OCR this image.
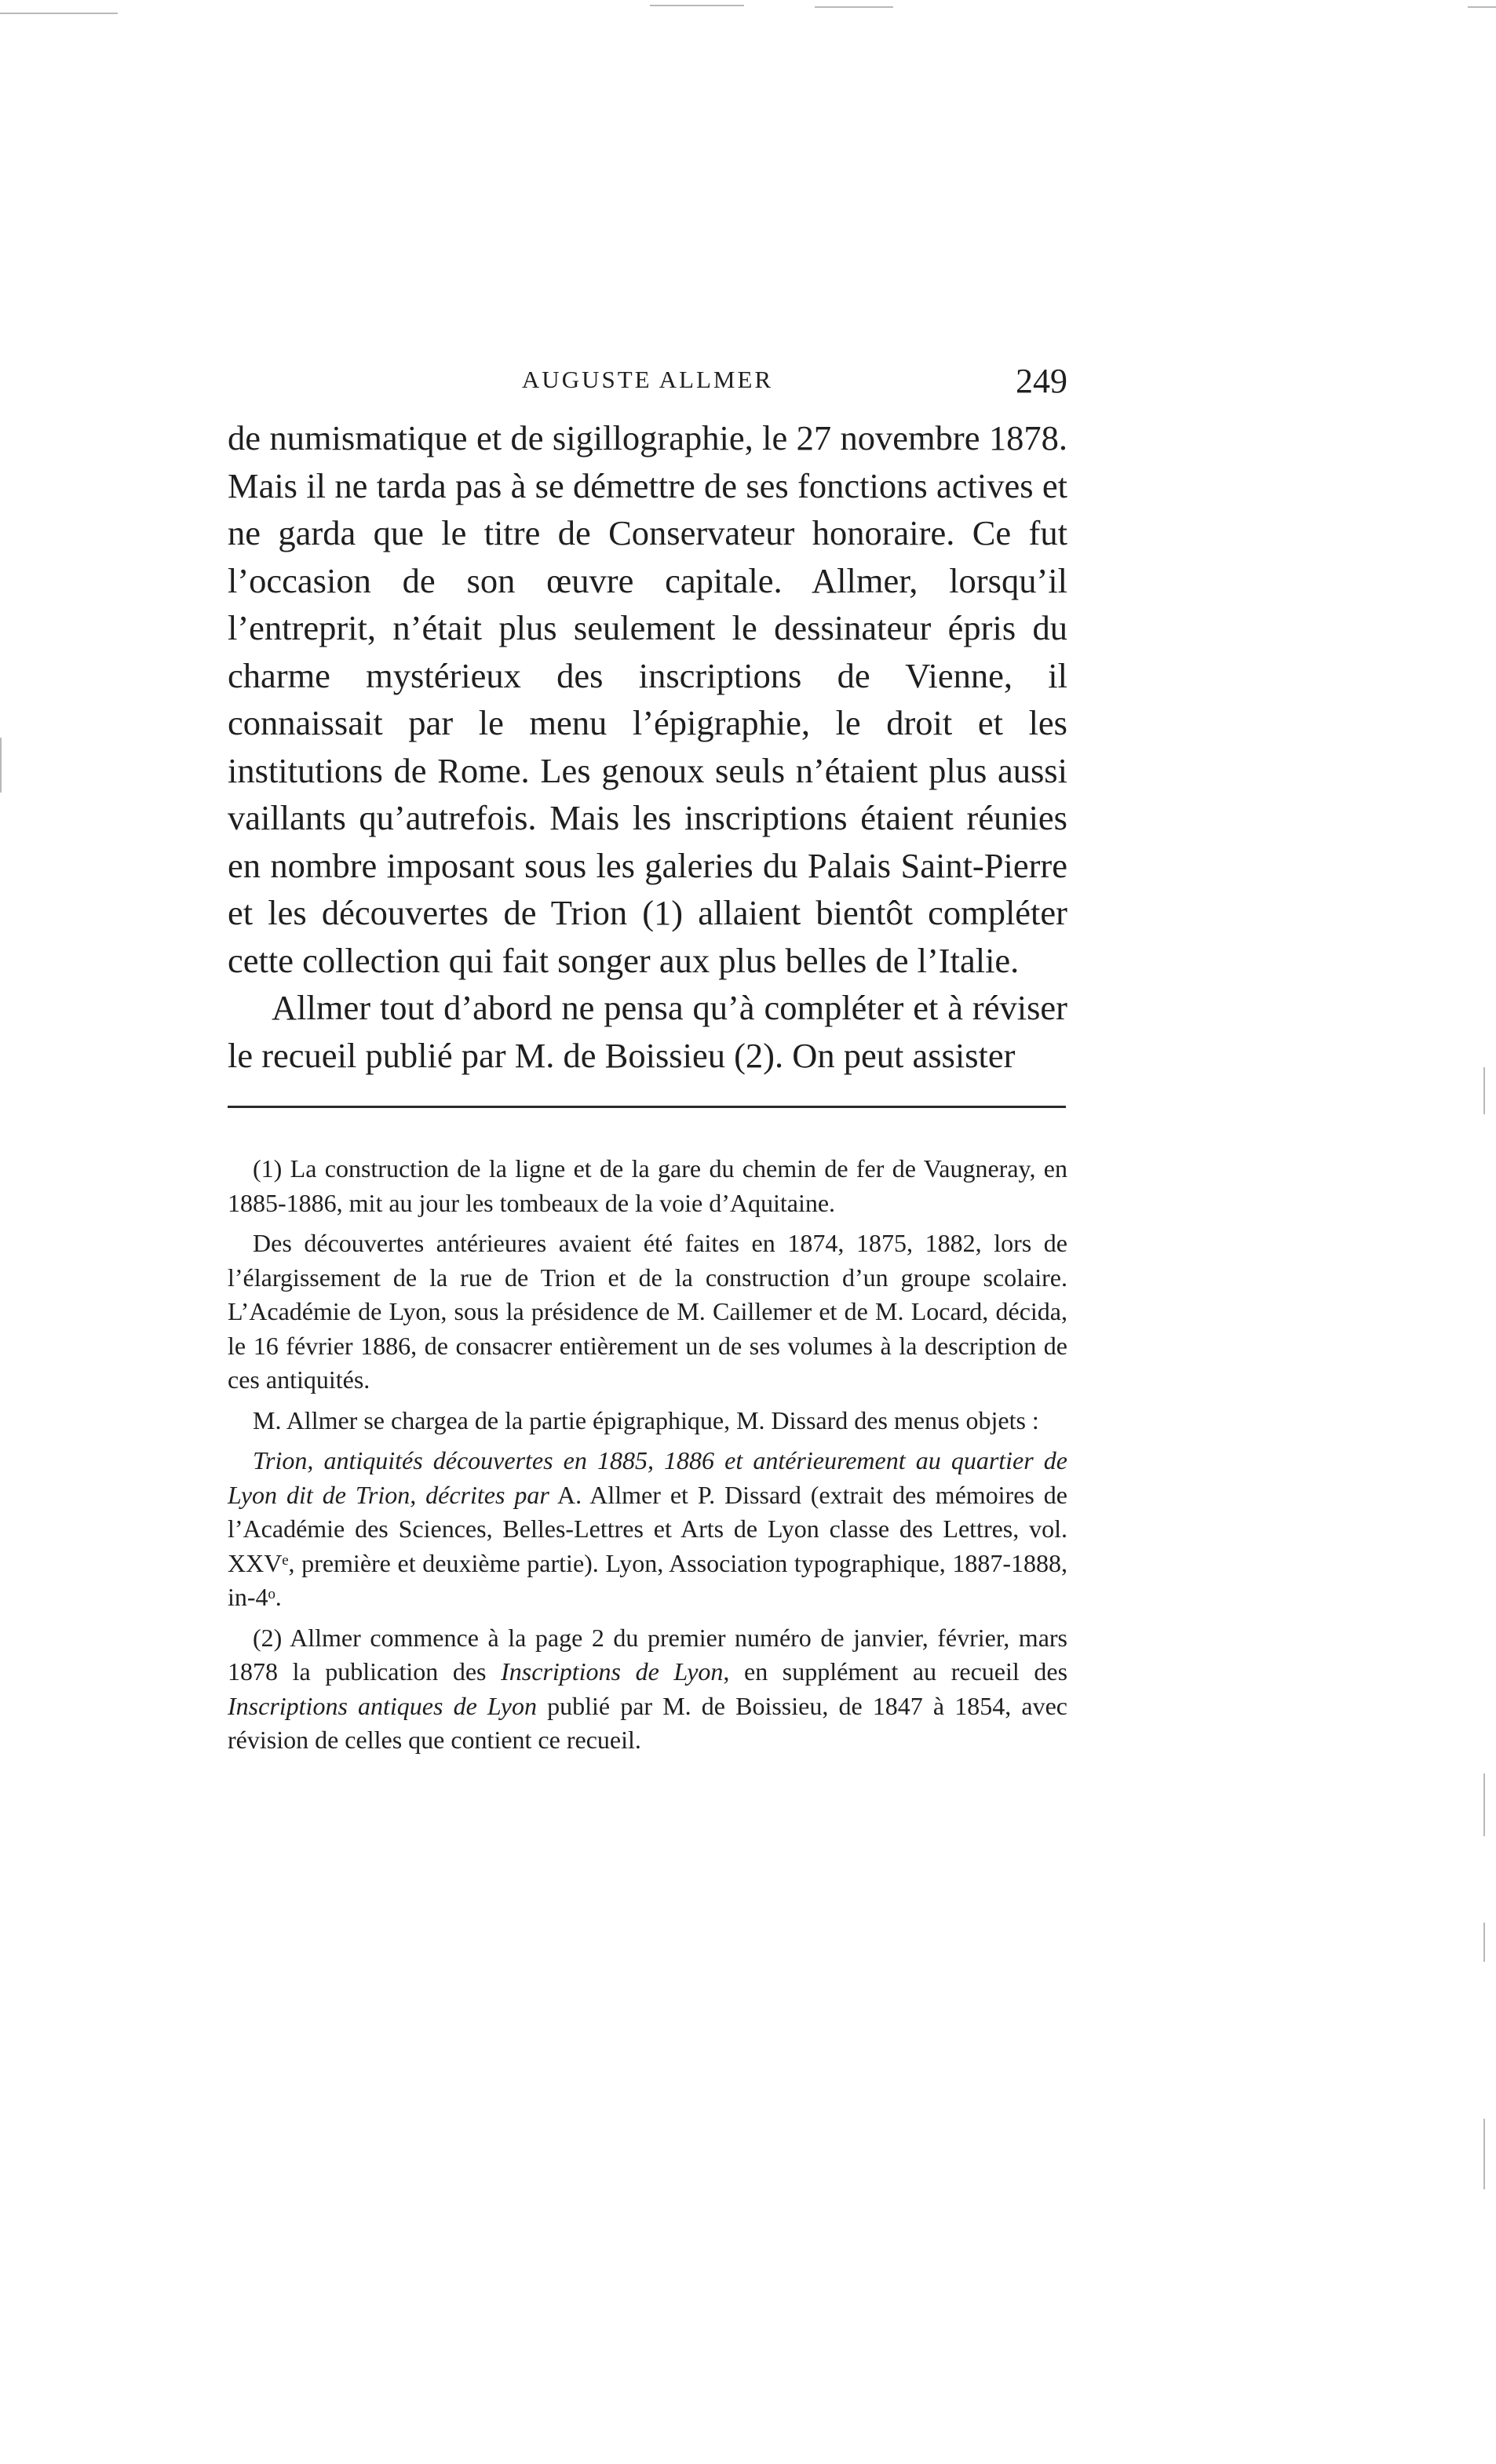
AUGUSTE ALLMER	249

de numismatique et de sigillographie, le 27 novembre 1878. Mais il ne tarda pas à se démettre de ses fonctions actives et ne garda que le titre de Conservateur honoraire. Ce fut l’occasion de son œuvre capitale. Allmer, lorsqu’il l’entreprit, n’était plus seulement le dessinateur épris du charme mystérieux des inscriptions de Vienne, il connaissait par le menu l’épigraphie, le droit et les institutions de Rome. Les genoux seuls n’étaient plus aussi vaillants qu’autrefois. Mais les inscriptions étaient réunies en nombre imposant sous les galeries du Palais Saint-Pierre et les découvertes de Trion (1) allaient bientôt compléter cette collection qui fait songer aux plus belles de l’Italie.

Allmer tout d’abord ne pensa qu’à compléter et à réviser le recueil publié par M. de Boissieu (2). On peut assister

(1) La construction de la ligne et de la gare du chemin de fer de Vaugneray, en 1885-1886, mit au jour les tombeaux de la voie d’Aquitaine.

Des découvertes antérieures avaient été faites en 1874, 1875, 1882, lors de l’élargissement de la rue de Trion et de la construction d’un groupe scolaire. L’Académie de Lyon, sous la présidence de M. Caillemer et de M. Locard, décida, le 16 février 1886, de consacrer entièrement un de ses volumes à la description de ces antiquités.

M. Allmer se chargea de la partie épigraphique, M. Dissard des menus objets :

Trion, antiquités découvertes en 1885, 1886 et antérieurement au quartier de Lyon dit de Trion, décrites par A. Allmer et P. Dissard (extrait des mémoires de l’Académie des Sciences, Belles-Lettres et Arts de Lyon classe des Lettres, vol. XXVᵉ, première et deuxième partie). Lyon, Association typographique, 1887-1888, in-4ᵒ.

(2) Allmer commence à la page 2 du premier numéro de janvier, février, mars 1878 la publication des Inscriptions de Lyon, en supplément au recueil des Inscriptions antiques de Lyon publié par M. de Boissieu, de 1847 à 1854, avec révision de celles que contient ce recueil.
